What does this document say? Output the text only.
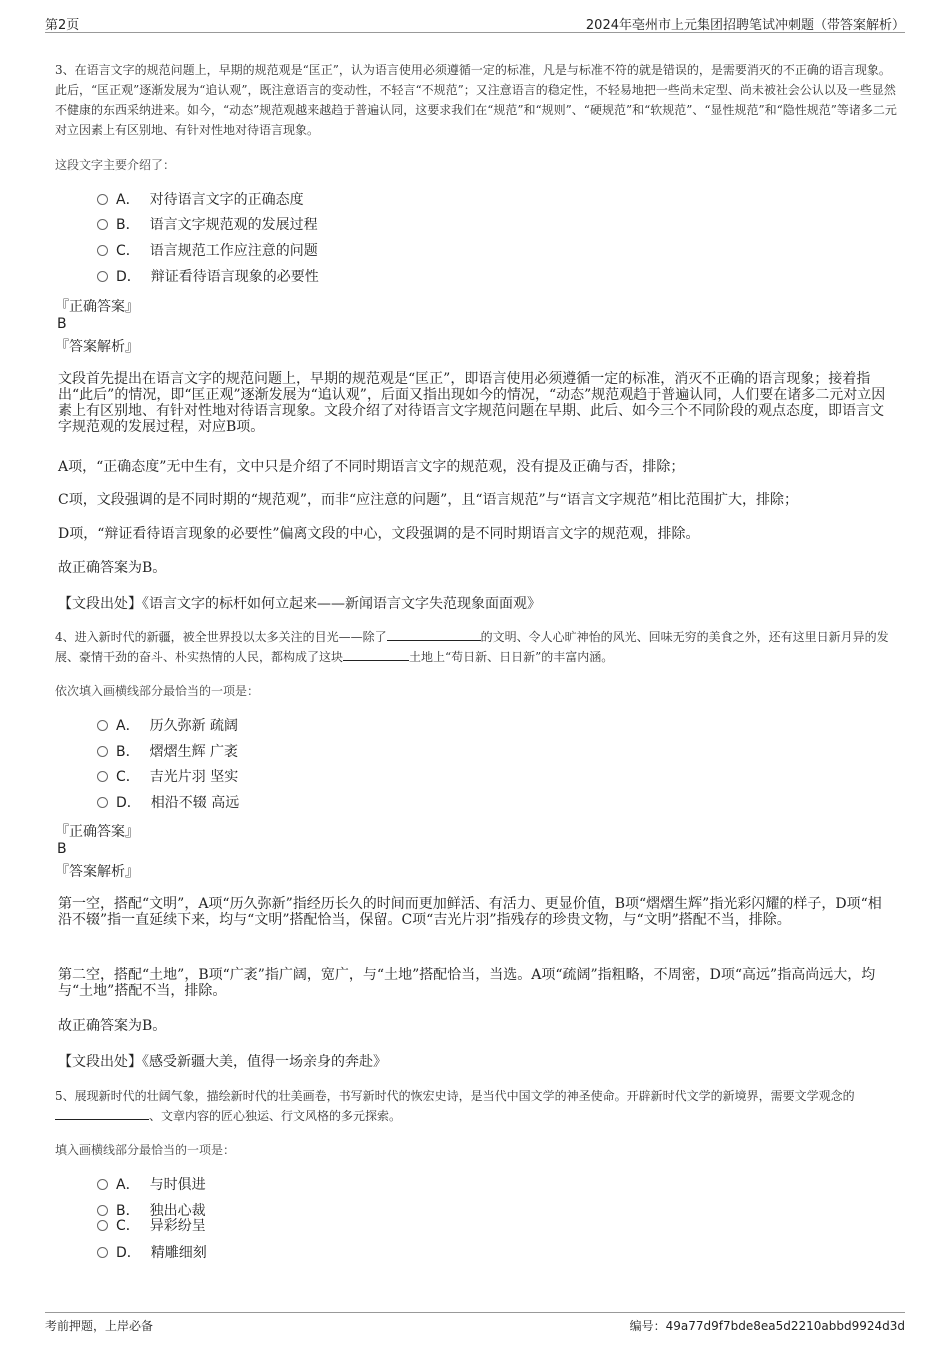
第2页	2024年亳州市上元集团招聘笔试冲刺题（带答案解析）
3、在语言文字的规范问题上，早期的规范观是“匡正”，认为语言使用必须遵循一定的标准，凡是与标准不符的就是错误的，是需要消灭的不正确的语言现象。此后，“匡正观”逐渐发展为“追认观”，既注意语言的变动性，不轻言“不规范”；又注意语言的稳定性，不轻易地把一些尚未定型、尚未被社会公认以及一些显然不健康的东西采纳进来。如今，“动态”规范观越来越趋于普遍认同，这要求我们在“规范”和“规则”、“硬规范”和“软规范”、“显性规范”和“隐性规范”等诸多二元对立因素上有区别地、有针对性地对待语言现象。
这段文字主要介绍了：
A． 对待语言文字的正确态度
B． 语言文字规范观的发展过程
C． 语言规范工作应注意的问题
D． 辩证看待语言现象的必要性
『正确答案』
B
『答案解析』
文段首先提出在语言文字的规范问题上，早期的规范观是“匡正”，即语言使用必须遵循一定的标准，消灭不正确的语言现象；接着指出“此后”的情况，即“匡正观”逐渐发展为“追认观”，后面又指出现如今的情况，“动态”规范观趋于普遍认同，人们要在诸多二元对立因素上有区别地、有针对性地对待语言现象。文段介绍了对待语言文字规范问题在早期、此后、如今三个不同阶段的观点态度，即语言文字规范观的发展过程，对应B项。
A项，“正确态度”无中生有，文中只是介绍了不同时期语言文字的规范观，没有提及正确与否，排除；
C项，文段强调的是不同时期的“规范观”，而非“应注意的问题”，且“语言规范”与“语言文字规范”相比范围扩大，排除；
D项，“辩证看待语言现象的必要性”偏离文段的中心，文段强调的是不同时期语言文字的规范观，排除。
故正确答案为B。
【文段出处】《语言文字的标杆如何立起来——新闻语言文字失范现象面面观》
4、进入新时代的新疆，被全世界投以太多关注的目光——除了	的文明、令人心旷神怡的风光、回味无穷的美食之外，还有这里日新月异的发展、豪情干劲的奋斗、朴实热情的人民，都构成了这块	土地上“苟日新、日日新”的丰富内涵。
依次填入画横线部分最恰当的一项是：
A． 历久弥新 疏阔
B． 熠熠生辉 广袤
C． 吉光片羽 坚实
D． 相沿不辍 高远
『正确答案』
B
『答案解析』
第一空，搭配“文明”，A项“历久弥新”指经历长久的时间而更加鲜活、有活力、更显价值，B项“熠熠生辉”指光彩闪耀的样子，D项“相沿不辍”指一直延续下来，均与“文明”搭配恰当，保留。C项“吉光片羽”指残存的珍贵文物，与“文明”搭配不当，排除。
第二空，搭配“土地”，B项“广袤”指广阔，宽广，与“土地”搭配恰当，当选。A项“疏阔”指粗略，不周密，D项“高远”指高尚远大，均与“土地”搭配不当，排除。
故正确答案为B。
【文段出处】《感受新疆大美，值得一场亲身的奔赴》
5、展现新时代的壮阔气象，描绘新时代的壮美画卷，书写新时代的恢宏史诗，是当代中国文学的神圣使命。开辟新时代文学的新境界，需要文学观念的、文章内容的匠心独运、行文风格的多元探索。
填入画横线部分最恰当的一项是：
A． 与时俱进
B． 独出心裁
C． 异彩纷呈
D． 精雕细刻
考前押题，上岸必备	编号：49a77d9f7bde8ea5d2210abbd9924d3d
